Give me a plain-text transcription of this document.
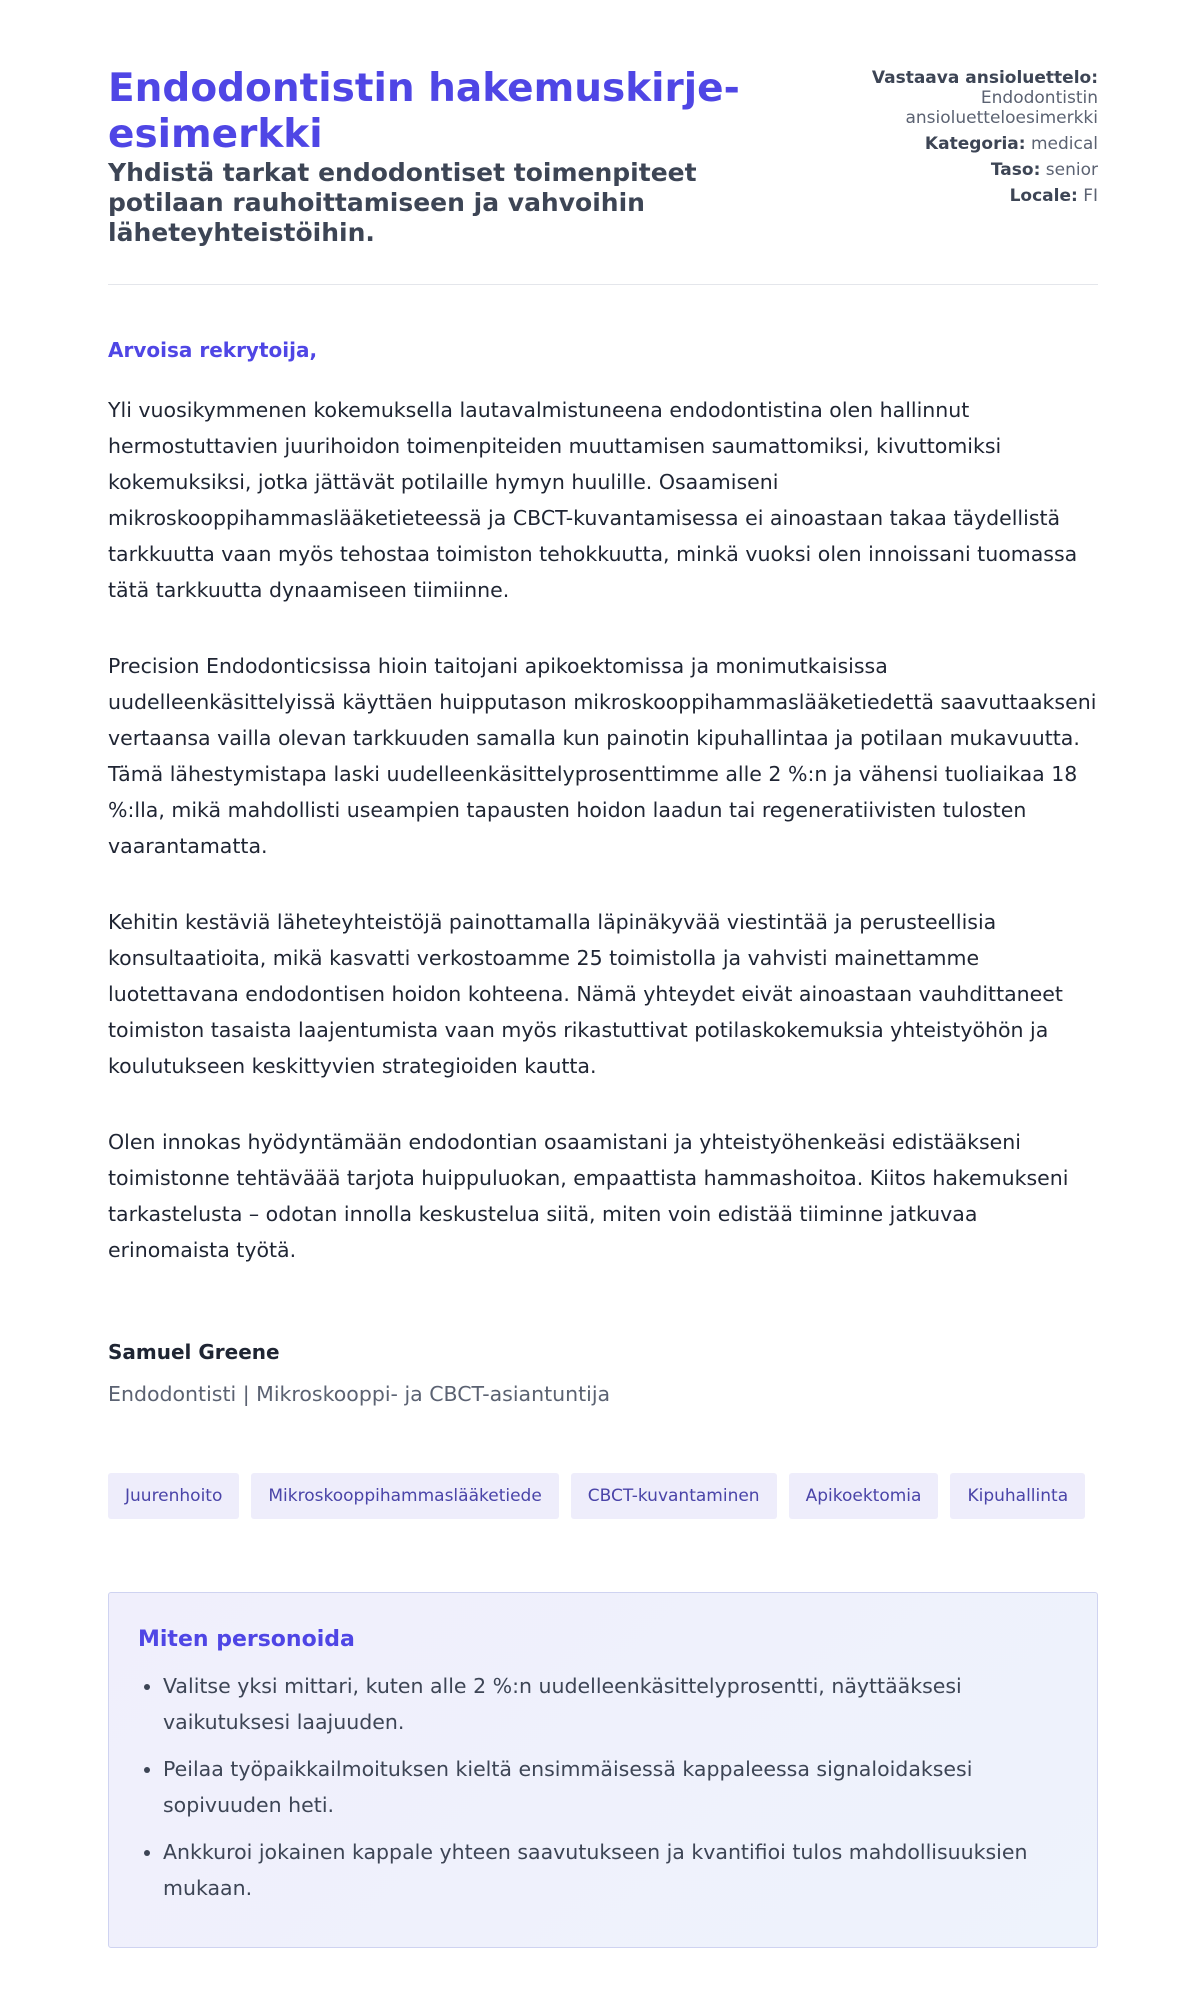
Endodontistin hakemuskirje-esimerkki
Yhdistä tarkat endodontiset toimenpiteet potilaan rauhoittamiseen ja vahvoihin läheteyhteistöihin.
Vastaava ansioluettelo:
Endodontistin ansioluetteloesimerkki
Kategoria: medical
Taso: senior
Locale: FI
Arvoisa rekrytoija,

Yli vuosikymmenen kokemuksella lautavalmistuneena endodontistina olen hallinnut hermostuttavien juurihoidon toimenpiteiden muuttamisen saumattomiksi, kivuttomiksi kokemuksiksi, jotka jättävät potilaille hymyn huulille. Osaamiseni mikroskooppihammaslääketieteessä ja CBCT-kuvantamisessa ei ainoastaan takaa täydellistä tarkkuutta vaan myös tehostaa toimiston tehokkuutta, minkä vuoksi olen innoissani tuomassa tätä tarkkuutta dynaamiseen tiimiinne.

Precision Endodonticsissa hioin taitojani apikoektomissa ja monimutkaisissa uudelleenkäsittelyissä käyttäen huipputason mikroskooppihammaslääketiedettä saavuttaakseni vertaansa vailla olevan tarkkuuden samalla kun painotin kipuhallintaa ja potilaan mukavuutta. Tämä lähestymistapa laski uudelleenkäsittelyprosenttimme alle 2 %:n ja vähensi tuoliaikaa 18 %:lla, mikä mahdollisti useampien tapausten hoidon laadun tai regeneratiivisten tulosten vaarantamatta.

Kehitin kestäviä läheteyhteistöjä painottamalla läpinäkyvää viestintää ja perusteellisia konsultaatioita, mikä kasvatti verkostoamme 25 toimistolla ja vahvisti mainettamme luotettavana endodontisen hoidon kohteena. Nämä yhteydet eivät ainoastaan vauhdittaneet toimiston tasaista laajentumista vaan myös rikastuttivat potilaskokemuksia yhteistyöhön ja koulutukseen keskittyvien strategioiden kautta.

Olen innokas hyödyntämään endodontian osaamistani ja yhteistyöhenkeäsi edistääkseni toimistonne tehtäväää tarjota huippuluokan, empaattista hammashoitoa. Kiitos hakemukseni tarkastelusta – odotan innolla keskustelua siitä, miten voin edistää tiiminne jatkuvaa erinomaista työtä.

Samuel Greene
Endodontisti | Mikroskooppi- ja CBCT-asiantuntija
Juurenhoito	Mikroskooppihammaslääketiede	CBCT-kuvantaminen	Apikoektomia	Kipuhallinta
Miten personoida
• Valitse yksi mittari, kuten alle 2 %:n uudelleenkäsittelyprosentti, näyttääksesi vaikutuksesi laajuuden.
• Peilaa työpaikkailmoituksen kieltä ensimmäisessä kappaleessa signaloidaksesi sopivuuden heti.
• Ankkuroi jokainen kappale yhteen saavutukseen ja kvantifioi tulos mahdollisuuksien mukaan.
